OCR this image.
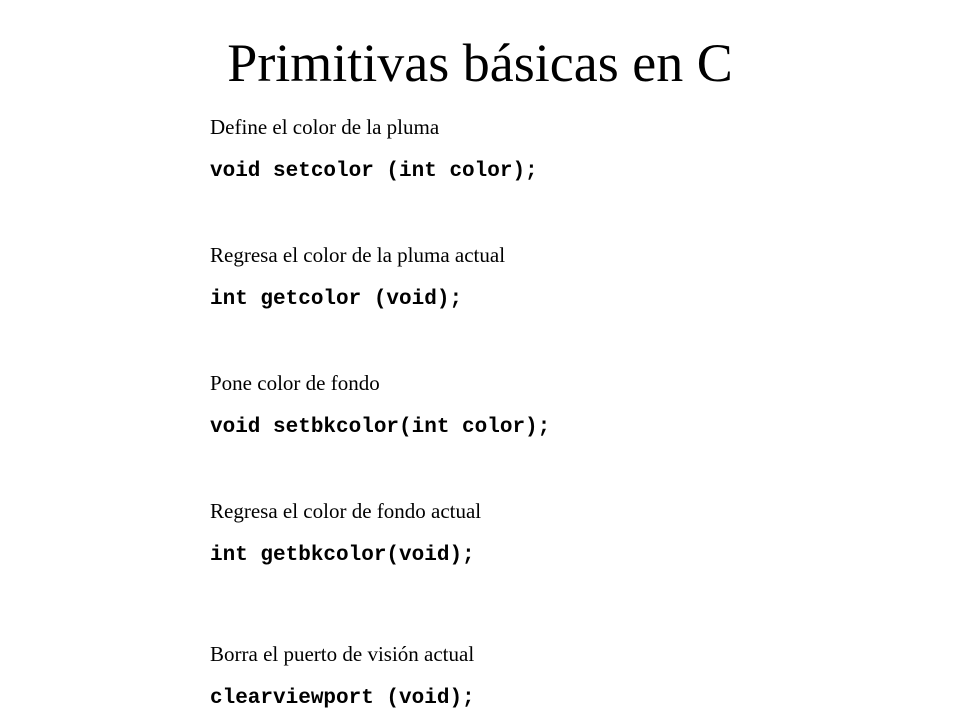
Primitivas básicas en C
Define el color de la pluma
void setcolor (int color);
Regresa el color de la pluma actual
int getcolor (void);
Pone color de fondo
void setbkcolor(int color);
Regresa el color de fondo actual
int getbkcolor(void);
Borra el puerto de visión actual
clearviewport (void);
